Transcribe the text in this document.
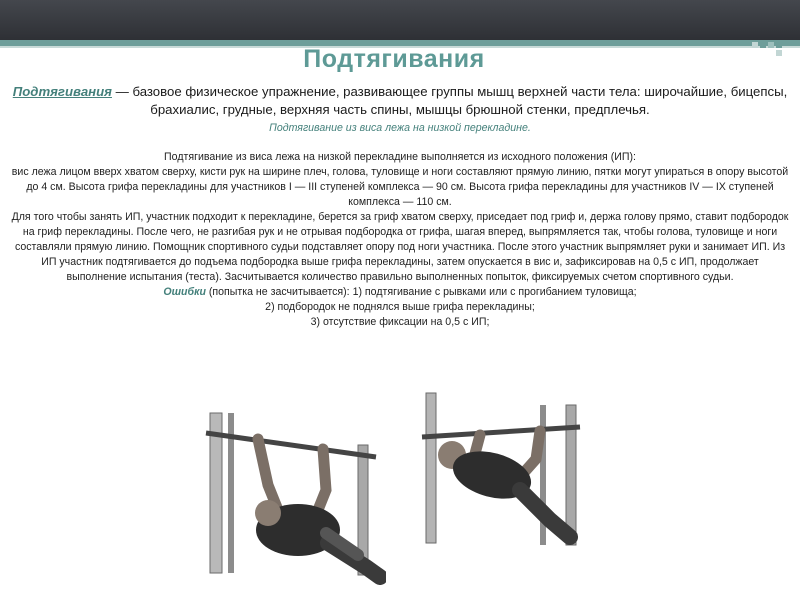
Подтягивания

Подтягивания — базовое физическое упражнение, развивающее группы мышц верхней части тела: широчайшие, бицепсы, брахиалис, грудные, верхняя часть спины, мышцы брюшной стенки, предплечья.

Подтягивание из виса лежа на низкой перекладине.

Подтягивание из виса лежа на низкой перекладине выполняется из исходного положения (ИП):

вис лежа лицом вверх хватом сверху, кисти рук на ширине плеч, голова, туловище и ноги составляют прямую линию, пятки могут упираться в опору высотой до 4 см. Высота грифа перекладины для участников I — III ступеней комплекса — 90 см. Высота грифа перекладины для участников IV — IX ступеней комплекса — 110 см.

Для того чтобы занять ИП, участник подходит к перекладине, берется за гриф хватом сверху, приседает под гриф и, держа голову прямо, ставит подбородок на гриф перекладины. После чего, не разгибая рук и не отрывая подбородка от грифа, шагая вперед, выпрямляется так, чтобы голова, туловище и ноги составляли прямую линию. Помощник спортивного судьи подставляет опору под ноги участника. После этого участник выпрямляет руки и занимает ИП. Из ИП участник подтягивается до подъема подбородка выше грифа перекладины, затем опускается в вис и, зафиксировав на 0,5 с ИП, продолжает выполнение испытания (теста). Засчитывается количество правильно выполненных попыток, фиксируемых счетом спортивного судьи.

Ошибки (попытка не засчитывается): 1) подтягивание с рывками или с прогибанием туловища;

2) подбородок не поднялся выше грифа перекладины;

3) отсутствие фиксации на 0,5 с ИП;
